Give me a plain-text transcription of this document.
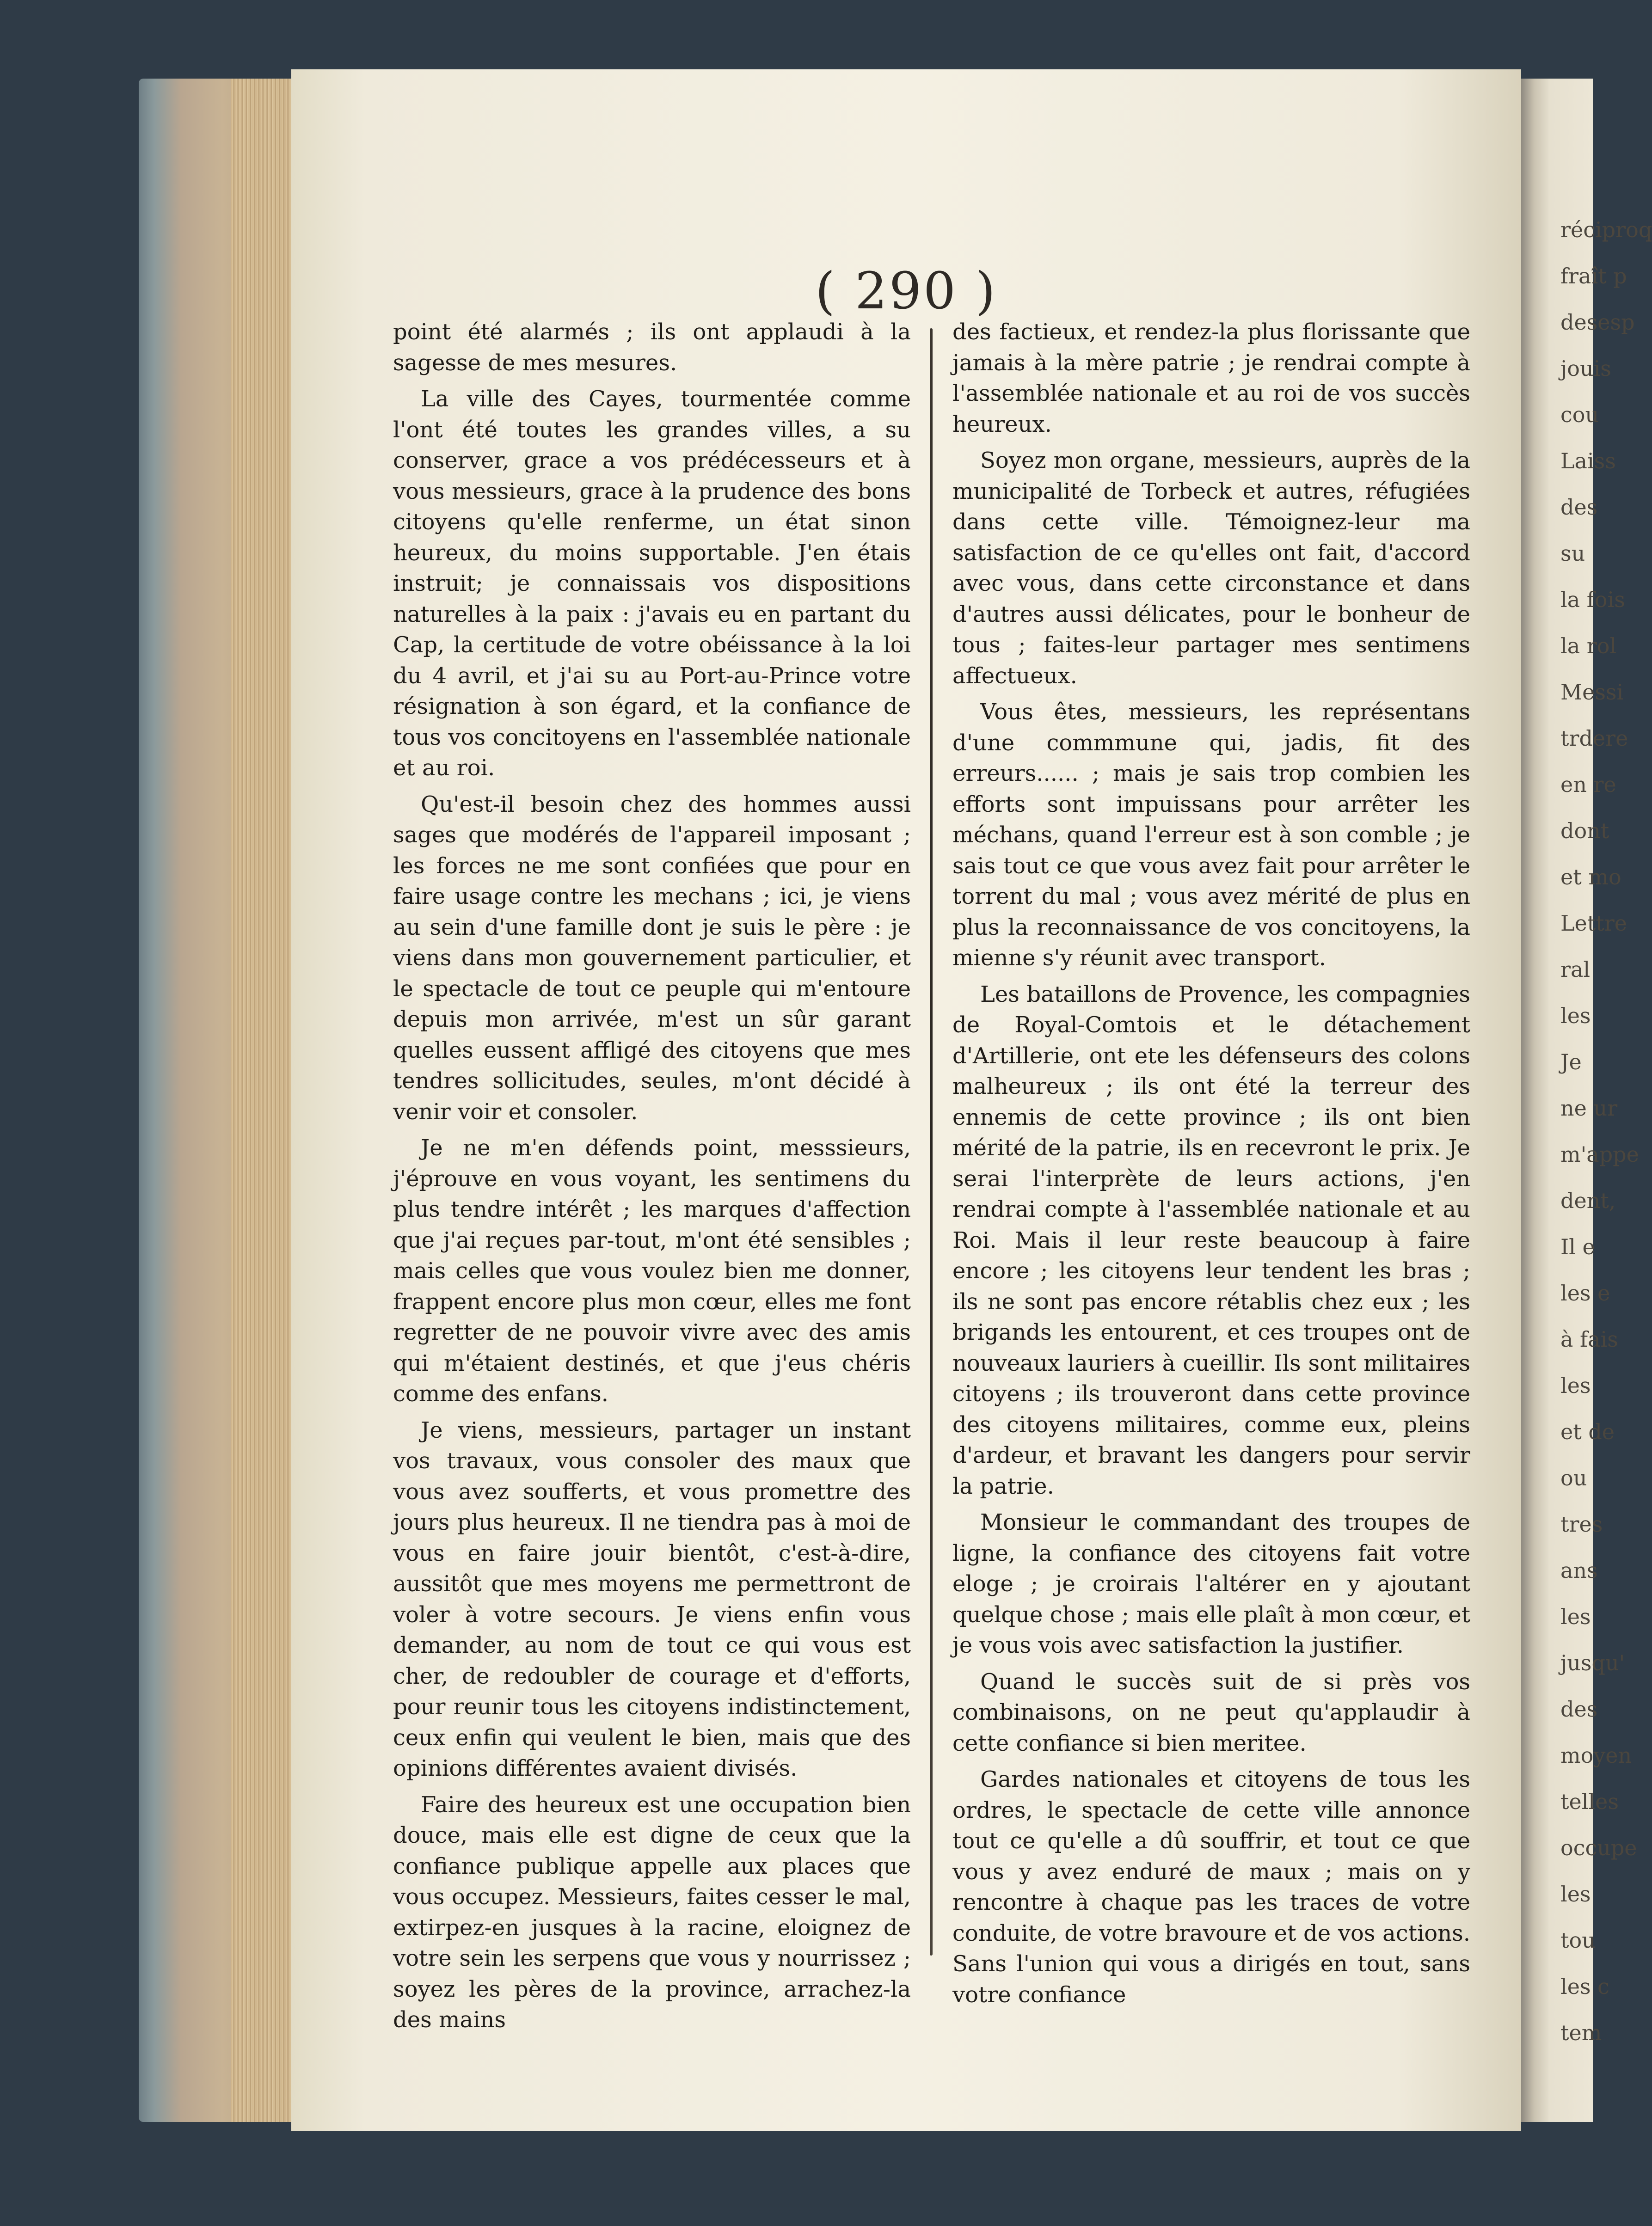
( 290 )

point été alarmés ; ils ont applaudi à la sagesse de mes mesures.

La ville des Cayes, tourmentée comme l'ont été toutes les grandes villes, a su conserver, grace a vos prédécesseurs et à vous messieurs, grace à la prudence des bons citoyens qu'elle renferme, un état sinon heureux, du moins supportable. J'en étais instruit; je connaissais vos dispositions naturelles à la paix : j'avais eu en partant du Cap, la certitude de votre obéissance à la loi du 4 avril, et j'ai su au Port-au-Prince votre résignation à son égard, et la confiance de tous vos concitoyens en l'assemblée nationale et au roi.

Qu'est-il besoin chez des hommes aussi sages que modérés de l'appareil imposant ; les forces ne me sont confiées que pour en faire usage contre les mechans ; ici, je viens au sein d'une famille dont je suis le père : je viens dans mon gouvernement particulier, et le spectacle de tout ce peuple qui m'entoure depuis mon arrivée, m'est un sûr garant quelles eussent affligé des citoyens que mes tendres sollicitudes, seules, m'ont décidé à venir voir et consoler.

Je ne m'en défends point, messsieurs, j'éprouve en vous voyant, les sentimens du plus tendre intérêt ; les marques d'affection que j'ai reçues par-tout, m'ont été sensibles ; mais celles que vous voulez bien me donner, frappent encore plus mon cœur, elles me font regretter de ne pouvoir vivre avec des amis qui m'étaient destinés, et que j'eus chéris comme des enfans.

Je viens, messieurs, partager un instant vos travaux, vous consoler des maux que vous avez soufferts, et vous promettre des jours plus heureux. Il ne tiendra pas à moi de vous en faire jouir bientôt, c'est-à-dire, aussitôt que mes moyens me permettront de voler à votre secours. Je viens enfin vous demander, au nom de tout ce qui vous est cher, de redoubler de courage et d'efforts, pour reunir tous les citoyens indistinctement, ceux enfin qui veulent le bien, mais que des opinions différentes avaient divisés.

Faire des heureux est une occupation bien douce, mais elle est digne de ceux que la confiance publique appelle aux places que vous occupez. Messieurs, faites cesser le mal, extirpez-en jusques à la racine, eloignez de votre sein les serpens que vous y nourrissez ; soyez les pères de la province, arrachez-la des mains

des factieux, et rendez-la plus florissante que jamais à la mère patrie ; je rendrai compte à l'assemblée nationale et au roi de vos succès heureux.

Soyez mon organe, messieurs, auprès de la municipalité de Torbeck et autres, réfugiées dans cette ville. Témoignez-leur ma satisfaction de ce qu'elles ont fait, d'accord avec vous, dans cette circonstance et dans d'autres aussi délicates, pour le bonheur de tous ; faites-leur partager mes sentimens affectueux.

Vous êtes, messieurs, les représentans d'une commmune qui, jadis, fit des erreurs...... ; mais je sais trop combien les efforts sont impuissans pour arrêter les méchans, quand l'erreur est à son comble ; je sais tout ce que vous avez fait pour arrêter le torrent du mal ; vous avez mérité de plus en plus la reconnaissance de vos concitoyens, la mienne s'y réunit avec transport.

Les bataillons de Provence, les compagnies de Royal-Comtois et le détachement d'Artillerie, ont ete les défenseurs des colons malheureux ; ils ont été la terreur des ennemis de cette province ; ils ont bien mérité de la patrie, ils en recevront le prix. Je serai l'interprète de leurs actions, j'en rendrai compte à l'assemblée nationale et au Roi. Mais il leur reste beaucoup à faire encore ; les citoyens leur tendent les bras ; ils ne sont pas encore rétablis chez eux ; les brigands les entourent, et ces troupes ont de nouveaux lauriers à cueillir. Ils sont militaires citoyens ; ils trouveront dans cette province des citoyens militaires, comme eux, pleins d'ardeur, et bravant les dangers pour servir la patrie.

Monsieur le commandant des troupes de ligne, la confiance des citoyens fait votre eloge ; je croirais l'altérer en y ajoutant quelque chose ; mais elle plaît à mon cœur, et je vous vois avec satisfaction la justifier.

Quand le succès suit de si près vos combinaisons, on ne peut qu'applaudir à cette confiance si bien meritee.

Gardes nationales et citoyens de tous les ordres, le spectacle de cette ville annonce tout ce qu'elle a dû souffrir, et tout ce que vous y avez enduré de maux ; mais on y rencontre à chaque pas les traces de votre conduite, de votre bravoure et de vos actions. Sans l'union qui vous a dirigés en tout, sans votre confiance

réciproq
fraît p
desesp
jouis
cou
Laiss
des
su
la fois
la rol
Messi
trdere
en re
dont
et mo
Lettre
ral
les
Je
ne ur
m'appe
dent,
Il e
les e
à fais
les
et de
ou
tres
ans
les
jusqu'
des
moyen
telles
occupe
les
tou
les c
tem
